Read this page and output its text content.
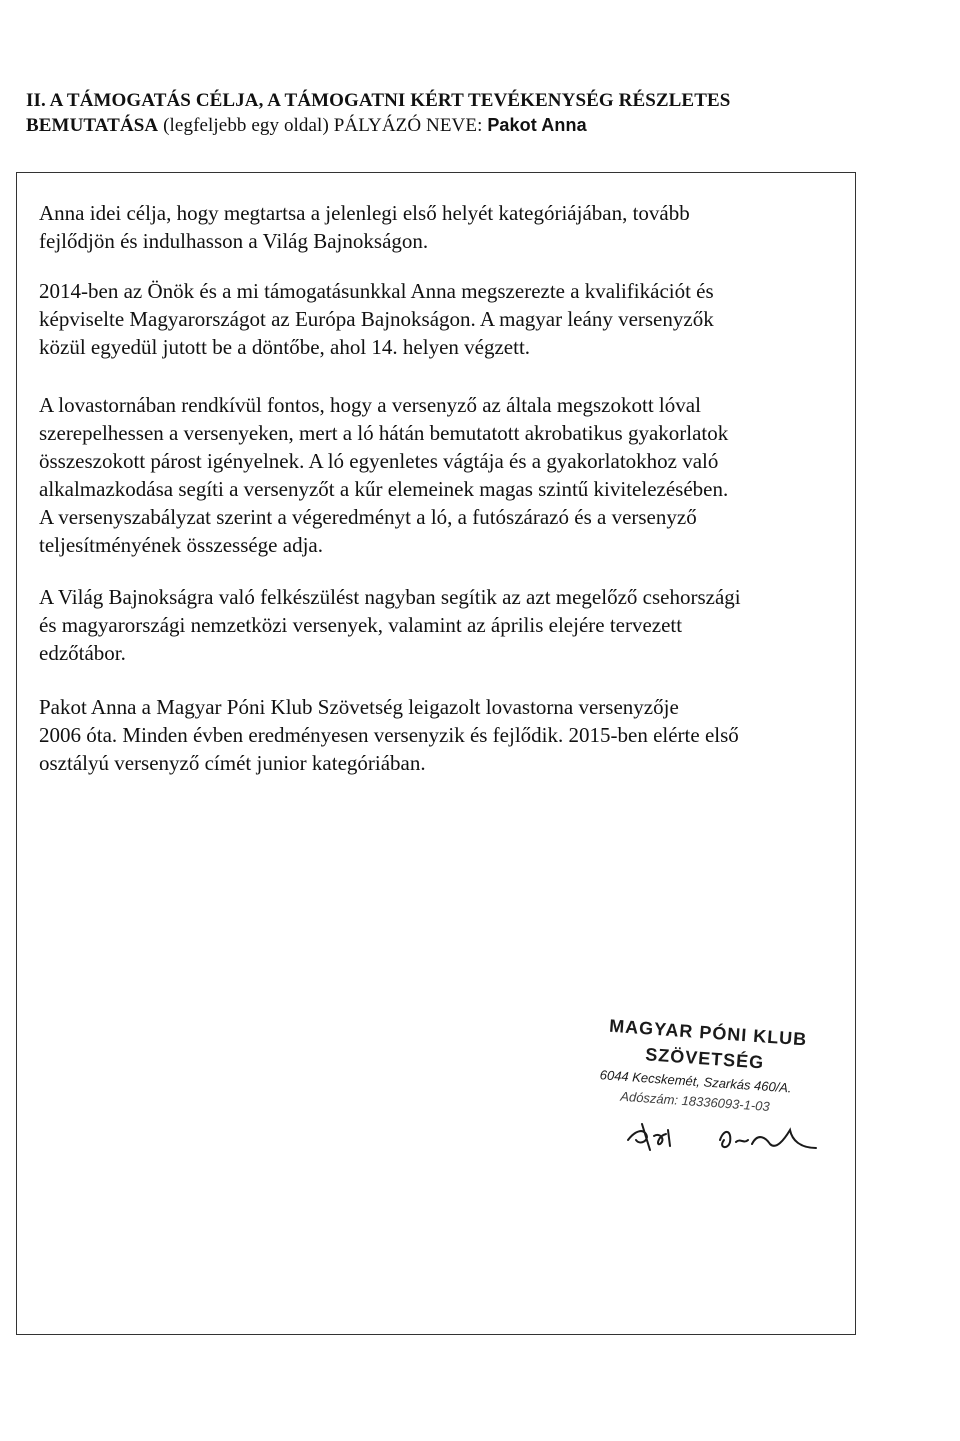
II. A TÁMOGATÁS CÉLJA, A TÁMOGATNI KÉRT TEVÉKENYSÉG RÉSZLETES
BEMUTATÁSA (legfeljebb egy oldal) PÁLYÁZÓ NEVE: Pakot Anna
Anna idei célja, hogy megtartsa a jelenlegi első helyét kategóriájában, tovább
fejlődjön és indulhasson a Világ Bajnokságon.
2014-ben az Önök és a mi támogatásunkkal Anna megszerezte a kvalifikációt és
képviselte Magyarországot az Európa Bajnokságon. A magyar leány versenyzők
közül egyedül jutott be a döntőbe, ahol 14. helyen végzett.
A lovastornában rendkívül fontos, hogy a versenyző az általa megszokott lóval
szerepelhessen a versenyeken, mert a ló hátán bemutatott akrobatikus gyakorlatok
összeszokott párost igényelnek. A ló egyenletes vágtája és a gyakorlatokhoz való
alkalmazkodása segíti a versenyzőt a kűr elemeinek magas szintű kivitelezésében.
A versenyszabályzat szerint a végeredményt a ló, a futószárazó és a versenyző
teljesítményének összessége adja.
A Világ Bajnokságra való felkészülést nagyban segítik az azt megelőző csehországi
és magyarországi nemzetközi versenyek, valamint az április elejére tervezett
edzőtábor.
Pakot Anna a Magyar Póni Klub Szövetség leigazolt lovastorna versenyzője
2006 óta. Minden évben eredményesen versenyzik és fejlődik. 2015-ben elérte első
osztályú versenyző címét junior kategóriában.
MAGYAR PÓNI KLUB
SZÖVETSÉG
6044 Kecskemét, Szarkás 460/A.
Adószám: 18336093-1-03
